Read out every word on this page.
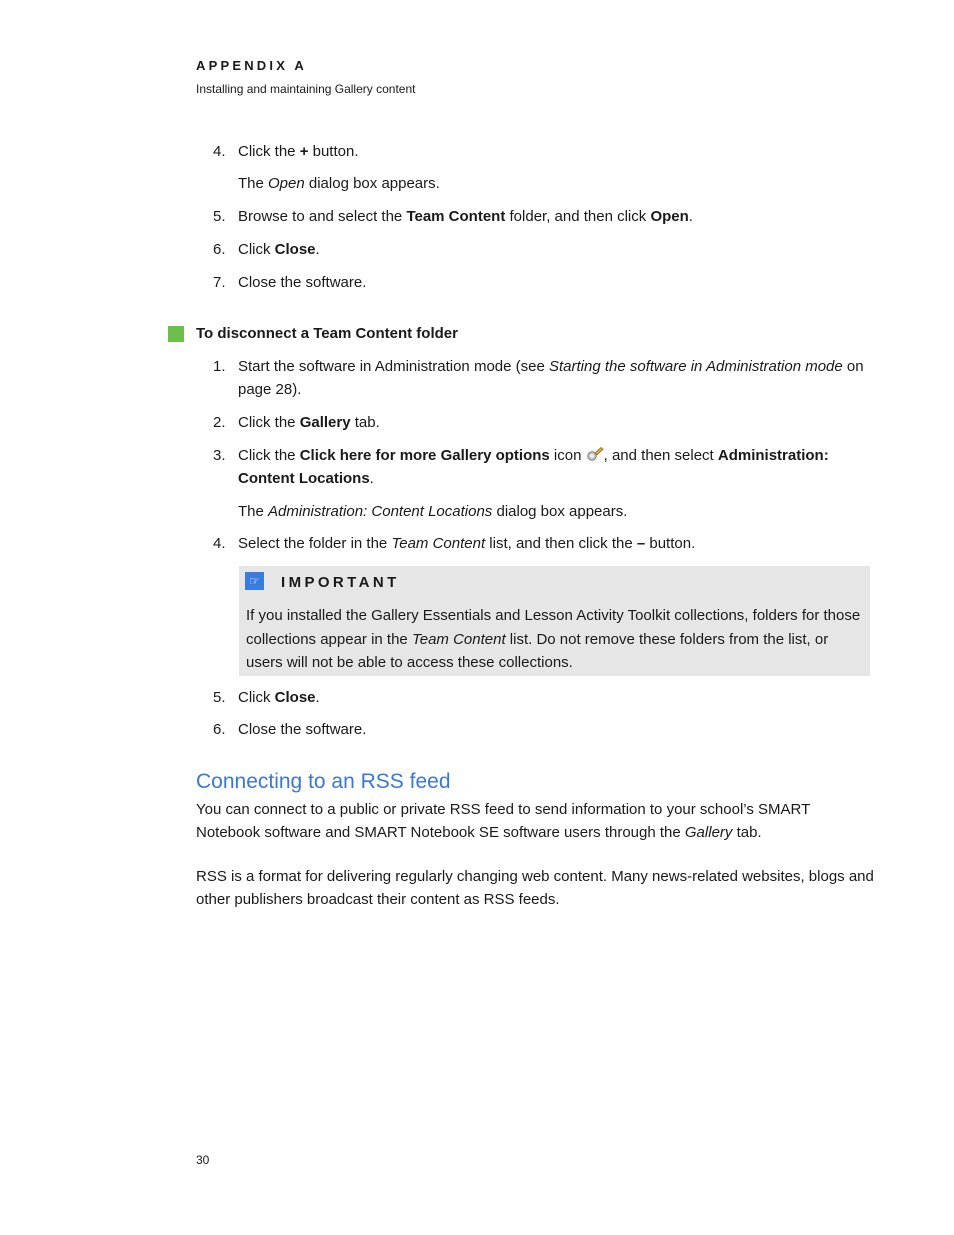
APPENDIX A
Installing and maintaining Gallery content
4. Click the + button.
The Open dialog box appears.
5. Browse to and select the Team Content folder, and then click Open.
6. Click Close.
7. Close the software.
To disconnect a Team Content folder
1. Start the software in Administration mode (see Starting the software in Administration mode on page 28).
2. Click the Gallery tab.
3. Click the Click here for more Gallery options icon , and then select Administration: Content Locations.
The Administration: Content Locations dialog box appears.
4. Select the folder in the Team Content list, and then click the – button.
☞ IMPORTANT
If you installed the Gallery Essentials and Lesson Activity Toolkit collections, folders for those collections appear in the Team Content list. Do not remove these folders from the list, or users will not be able to access these collections.
5. Click Close.
6. Close the software.
Connecting to an RSS feed
You can connect to a public or private RSS feed to send information to your school’s SMART Notebook software and SMART Notebook SE software users through the Gallery tab.
RSS is a format for delivering regularly changing web content. Many news-related websites, blogs and other publishers broadcast their content as RSS feeds.
30
